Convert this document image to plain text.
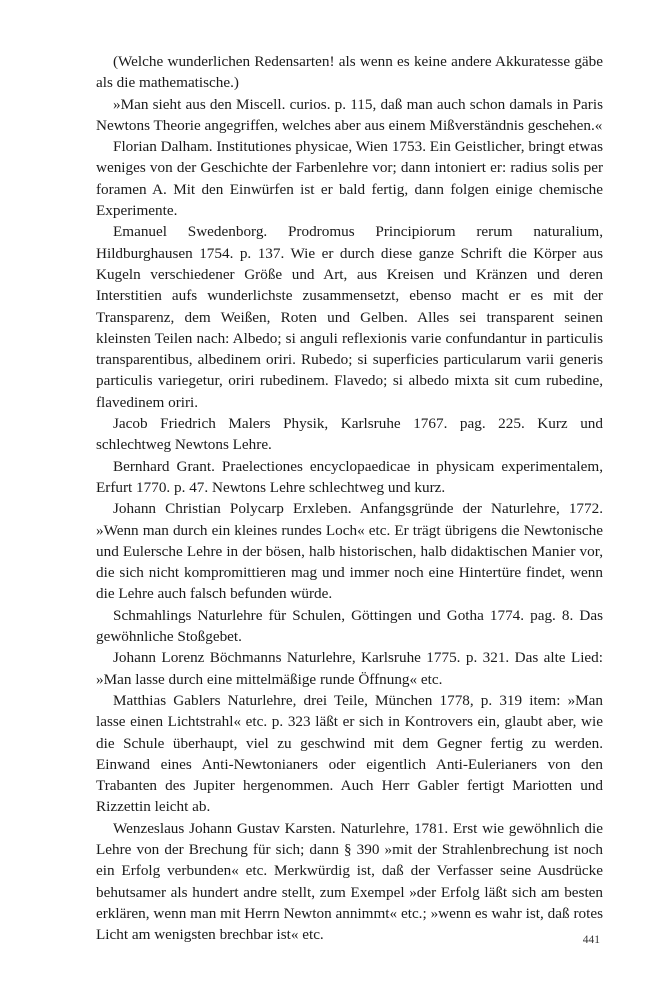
(Welche wunderlichen Redensarten! als wenn es keine andere Akkuratesse gäbe als die mathematische.)

»Man sieht aus den Miscell. curios. p. 115, daß man auch schon damals in Paris Newtons Theorie angegriffen, welches aber aus einem Mißverständnis geschehen.«

Florian Dalham. Institutiones physicae, Wien 1753. Ein Geistlicher, bringt etwas weniges von der Geschichte der Farbenlehre vor; dann intoniert er: radius solis per foramen A. Mit den Einwürfen ist er bald fertig, dann folgen einige chemische Experimente.

Emanuel Swedenborg. Prodromus Principiorum rerum naturalium, Hildburghausen 1754. p. 137. Wie er durch diese ganze Schrift die Körper aus Kugeln verschiedener Größe und Art, aus Kreisen und Kränzen und deren Interstitien aufs wunderlichste zusammensetzt, ebenso macht er es mit der Transparenz, dem Weißen, Roten und Gelben. Alles sei transparent seinen kleinsten Teilen nach: Albedo; si anguli reflexionis varie confundantur in particulis transparentibus, albedinem oriri. Rubedo; si superficies particularum varii generis particulis variegetur, oriri rubedinem. Flavedo; si albedo mixta sit cum rubedine, flavedinem oriri.

Jacob Friedrich Malers Physik, Karlsruhe 1767. pag. 225. Kurz und schlechtweg Newtons Lehre.

Bernhard Grant. Praelectiones encyclopaedicae in physicam experimentalem, Erfurt 1770. p. 47. Newtons Lehre schlechtweg und kurz.

Johann Christian Polycarp Erxleben. Anfangsgründe der Naturlehre, 1772. »Wenn man durch ein kleines rundes Loch« etc. Er trägt übrigens die Newtonische und Eulersche Lehre in der bösen, halb historischen, halb didaktischen Manier vor, die sich nicht kompromittieren mag und immer noch eine Hintertüre findet, wenn die Lehre auch falsch befunden würde.

Schmahlings Naturlehre für Schulen, Göttingen und Gotha 1774. pag. 8. Das gewöhnliche Stoßgebet.

Johann Lorenz Böchmanns Naturlehre, Karlsruhe 1775. p. 321. Das alte Lied: »Man lasse durch eine mittelmäßige runde Öffnung« etc.

Matthias Gablers Naturlehre, drei Teile, München 1778, p. 319 item: »Man lasse einen Lichtstrahl« etc. p. 323 läßt er sich in Kontrovers ein, glaubt aber, wie die Schule überhaupt, viel zu geschwind mit dem Gegner fertig zu werden. Einwand eines Anti-Newtonianers oder eigentlich Anti-Eulerianers von den Trabanten des Jupiter hergenommen. Auch Herr Gabler fertigt Mariotten und Rizzettin leicht ab.

Wenzeslaus Johann Gustav Karsten. Naturlehre, 1781. Erst wie gewöhnlich die Lehre von der Brechung für sich; dann § 390 »mit der Strahlenbrechung ist noch ein Erfolg verbunden« etc. Merkwürdig ist, daß der Verfasser seine Ausdrücke behutsamer als hundert andre stellt, zum Exempel »der Erfolg läßt sich am besten erklären, wenn man mit Herrn Newton annimmt« etc.; »wenn es wahr ist, daß rotes Licht am wenigsten brechbar ist« etc.	441
